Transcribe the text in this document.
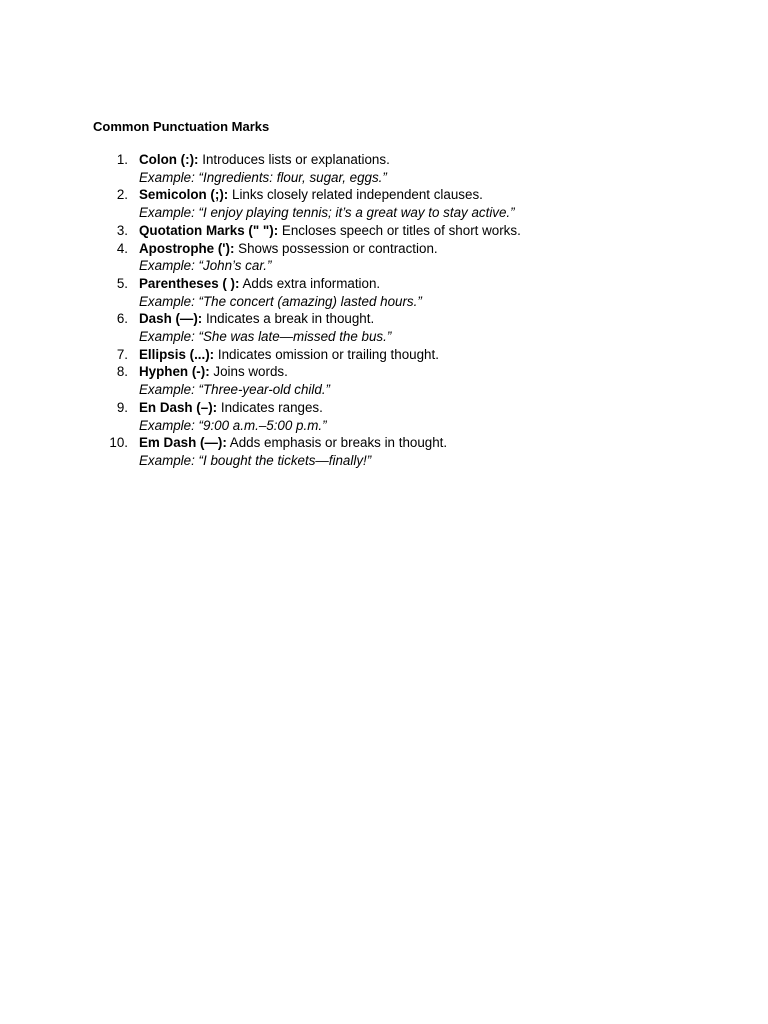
Common Punctuation Marks
1. Colon (:): Introduces lists or explanations.
Example: “Ingredients: flour, sugar, eggs.”
2. Semicolon (;): Links closely related independent clauses.
Example: “I enjoy playing tennis; it’s a great way to stay active.”
3. Quotation Marks (" "): Encloses speech or titles of short works.
4. Apostrophe ('): Shows possession or contraction.
Example: “John’s car.”
5. Parentheses ( ): Adds extra information.
Example: “The concert (amazing) lasted hours.”
6. Dash (—): Indicates a break in thought.
Example: “She was late—missed the bus.”
7. Ellipsis (...): Indicates omission or trailing thought.
8. Hyphen (-): Joins words.
Example: “Three-year-old child.”
9. En Dash (–): Indicates ranges.
Example: “9:00 a.m.–5:00 p.m.”
10. Em Dash (—): Adds emphasis or breaks in thought.
Example: “I bought the tickets—finally!”
